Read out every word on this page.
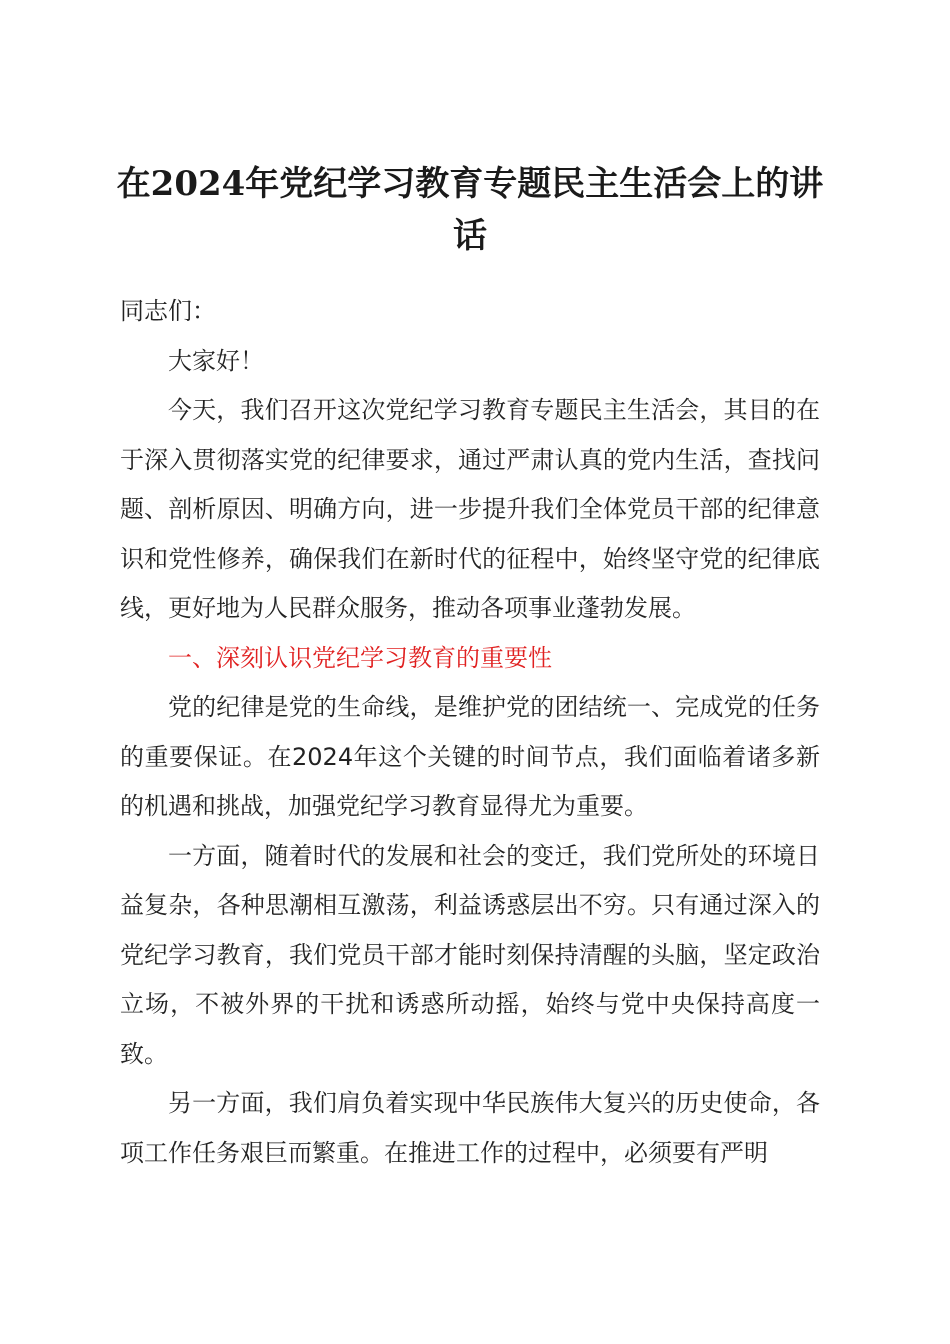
在2024年党纪学习教育专题民主生活会上的讲话

同志们：

大家好！

今天，我们召开这次党纪学习教育专题民主生活会，其目的在于深入贯彻落实党的纪律要求，通过严肃认真的党内生活，查找问题、剖析原因、明确方向，进一步提升我们全体党员干部的纪律意识和党性修养，确保我们在新时代的征程中，始终坚守党的纪律底线，更好地为人民群众服务，推动各项事业蓬勃发展。

一、深刻认识党纪学习教育的重要性

党的纪律是党的生命线，是维护党的团结统一、完成党的任务的重要保证。在2024年这个关键的时间节点，我们面临着诸多新的机遇和挑战，加强党纪学习教育显得尤为重要。

一方面，随着时代的发展和社会的变迁，我们党所处的环境日益复杂，各种思潮相互激荡，利益诱惑层出不穷。只有通过深入的党纪学习教育，我们党员干部才能时刻保持清醒的头脑，坚定政治立场，不被外界的干扰和诱惑所动摇，始终与党中央保持高度一致。

另一方面，我们肩负着实现中华民族伟大复兴的历史使命，各项工作任务艰巨而繁重。在推进工作的过程中，必须要有严明
